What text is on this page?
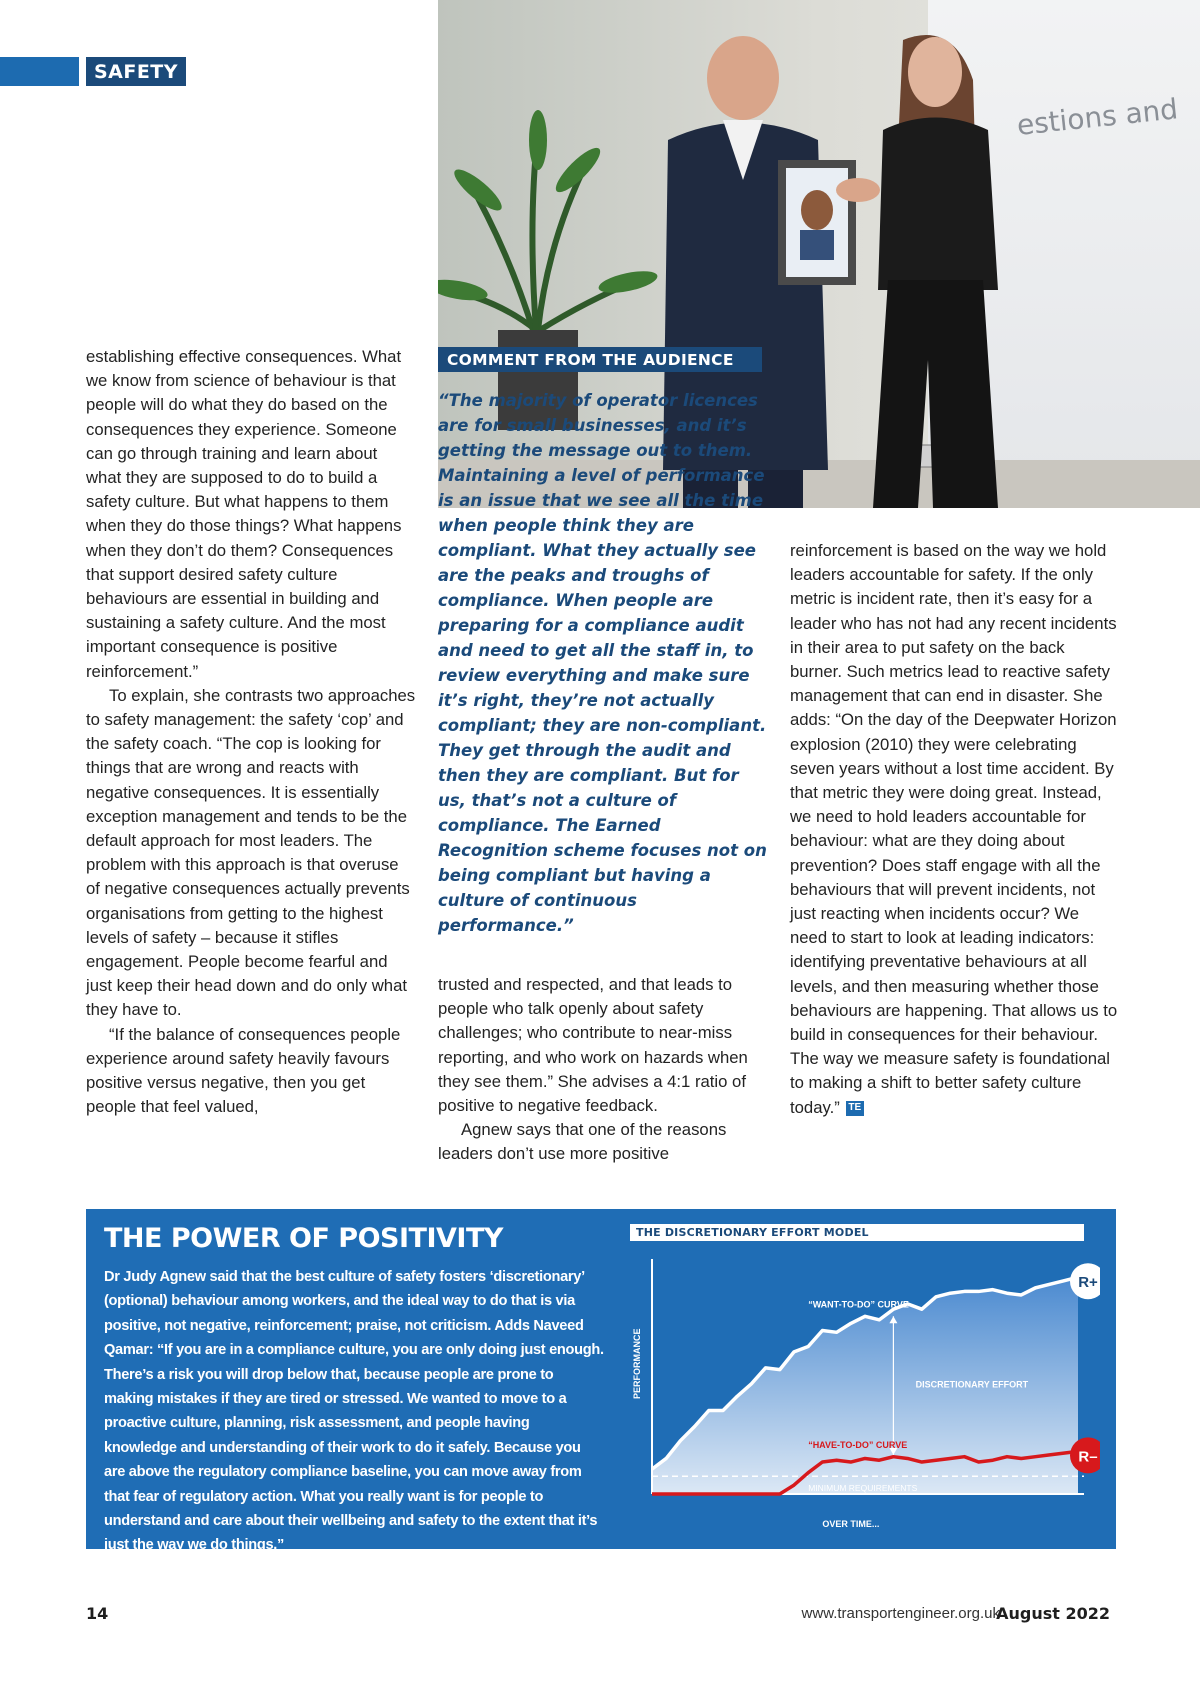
SAFETY
estions and

establishing effective consequences. What we know from science of behaviour is that people will do what they do based on the consequences they experience. Someone can go through training and learn about what they are supposed to do to build a safety culture. But what happens to them when they do those things? What happens when they don’t do them? Consequences that support desired safety culture behaviours are essential in building and sustaining a safety culture. And the most important consequence is positive reinforcement.”

To explain, she contrasts two approaches to safety management: the safety ‘cop’ and the safety coach. “The cop is looking for things that are wrong and reacts with negative consequences. It is essentially exception management and tends to be the default approach for most leaders. The problem with this approach is that overuse of negative consequences actually prevents organisations from getting to the highest levels of safety – because it stifles engagement. People become fearful and just keep their head down and do only what they have to.

“If the balance of consequences people experience around safety heavily favours positive versus negative, then you get people that feel valued,

COMMENT FROM THE AUDIENCE
“The majority of operator licences are for small businesses, and it’s getting the message out to them. Maintaining a level of performance is an issue that we see all the time when people think they are compliant. What they actually see are the peaks and troughs of compliance. When people are preparing for a compliance audit and need to get all the staff in, to review everything and make sure it’s right, they’re not actually compliant; they are non-compliant. They get through the audit and then they are compliant. But for us, that’s not a culture of compliance. The Earned Recognition scheme focuses not on being compliant but having a culture of continuous performance.”

trusted and respected, and that leads to people who talk openly about safety challenges; who contribute to near-miss reporting, and who work on hazards when they see them.” She advises a 4:1 ratio of positive to negative feedback.

Agnew says that one of the reasons leaders don’t use more positive

reinforcement is based on the way we hold leaders accountable for safety. If the only metric is incident rate, then it’s easy for a leader who has not had any recent incidents in their area to put safety on the back burner. Such metrics lead to reactive safety management that can end in disaster. She adds: “On the day of the Deepwater Horizon explosion (2010) they were celebrating seven years without a lost time accident. By that metric they were doing great. Instead, we need to hold leaders accountable for behaviour: what are they doing about prevention? Does staff engage with all the behaviours that will prevent incidents, not just reacting when incidents occur? We need to start to look at leading indicators: identifying preventative behaviours at all levels, and then measuring whether those behaviours are happening. That allows us to build in consequences for their behaviour. The way we measure safety is foundational to making a shift to better safety culture today.” TE

THE POWER OF POSITIVITY
Dr Judy Agnew said that the best culture of safety fosters ‘discretionary’ (optional) behaviour among workers, and the ideal way to do that is via positive, not negative, reinforcement; praise, not criticism. Adds Naveed Qamar: “If you are in a compliance culture, you are only doing just enough. There’s a risk you will drop below that, because people are prone to making mistakes if they are tired or stressed. We wanted to move to a proactive culture, planning, risk assessment, and people having knowledge and understanding of their work to do it safely. Because you are above the regulatory compliance baseline, you can move away from that fear of regulatory action. What you really want is for people to understand and care about their wellbeing and safety to the extent that it’s just the way we do things.”
THE DISCRETIONARY EFFORT MODEL
“WANT-TO-DO” CURVE
“HAVE-TO-DO” CURVE
DISCRETIONARY EFFORT
MINIMUM REQUIREMENTS
OVER TIME...
PERFORMANCE
R+
R–
14	www.transportengineer.org.uk
August 2022
